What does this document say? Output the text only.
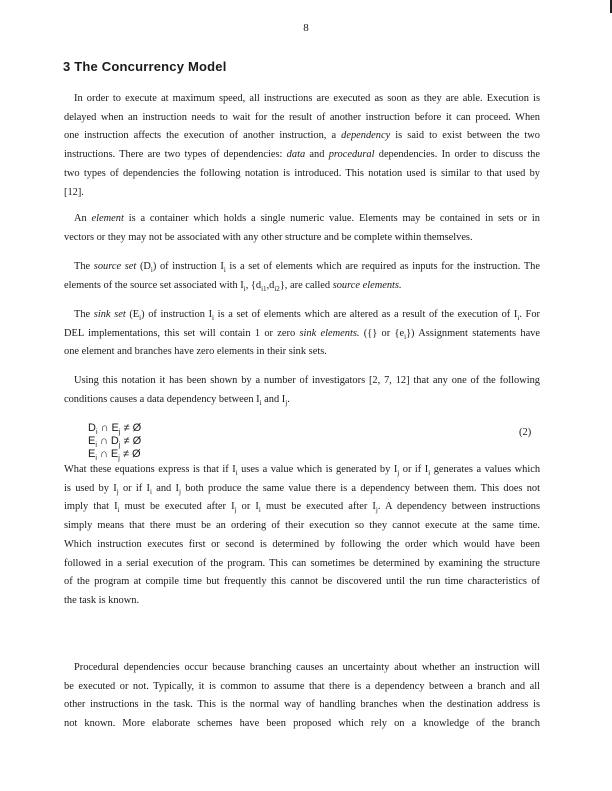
8
3 The Concurrency Model
In order to execute at maximum speed, all instructions are executed as soon as they are able. Execution is
delayed when an instruction needs to wait for the result of another instruction before it can proceed. When
one instruction affects the execution of another instruction, a dependency is said to exist between the two
instructions. There are two types of dependencies: data and procedural dependencies. In order to discuss the
two types of dependencies the following notation is introduced. This notation used is similar to that used by
[12].
An element is a container which holds a single numeric value. Elements may be contained in sets or in
vectors or they may not be associated with any other structure and be complete within themselves.
The source set $(D_i)$ of instruction $I_i$ is a set of elements which are required as inputs for the instruction. The
elements of the source set associated with $I_i$, $\{d_{i1},d_{i2}\}$, are called source elements.
The sink set $(E_i)$ of instruction $I_i$ is a set of elements which are altered as a result of the execution of $I_i$. For
DEL implementations, this set will contain 1 or zero sink elements. ({} or $\{e_i\}$) Assignment statements have
one element and branches have zero elements in their sink sets.
Using this notation it has been shown by a number of investigators [2, 7, 12] that any one of the following
conditions causes a data dependency between $I_i$ and $I_j$.
What these equations express is that if $I_i$ uses a value which is generated by $I_j$ or if $I_i$ generates a values which
is used by $I_j$ or if $I_i$ and $I_j$ both produce the same value there is a dependency between them. This does not
imply that $I_i$ must be executed after $I_j$ or $I_i$ must be executed after $I_j$. A dependency between instructions
simply means that there must be an ordering of their execution so they cannot execute at the same time.
Which instruction executes first or second is determined by following the order which would have been
followed in a serial execution of the program. This can sometimes be determined by examining the structure
of the program at compile time but frequently this cannot be discovered until the run time characteristics of
the task is known.
Procedural dependencies occur because branching causes an uncertainty about whether an instruction will
be executed or not. Typically, it is common to assume that there is a dependency between a branch and all
other instructions in the task. This is the normal way of handling branches when the destination address is
not known. More elaborate schemes have been proposed which rely on a knowledge of the branch
$D_i$ ∩ $E_j$ ≠ Ø
$E_i$ ∩ $D_j$ ≠ Ø
$E_i$ ∩ $E_j$ ≠ Ø
(2)
